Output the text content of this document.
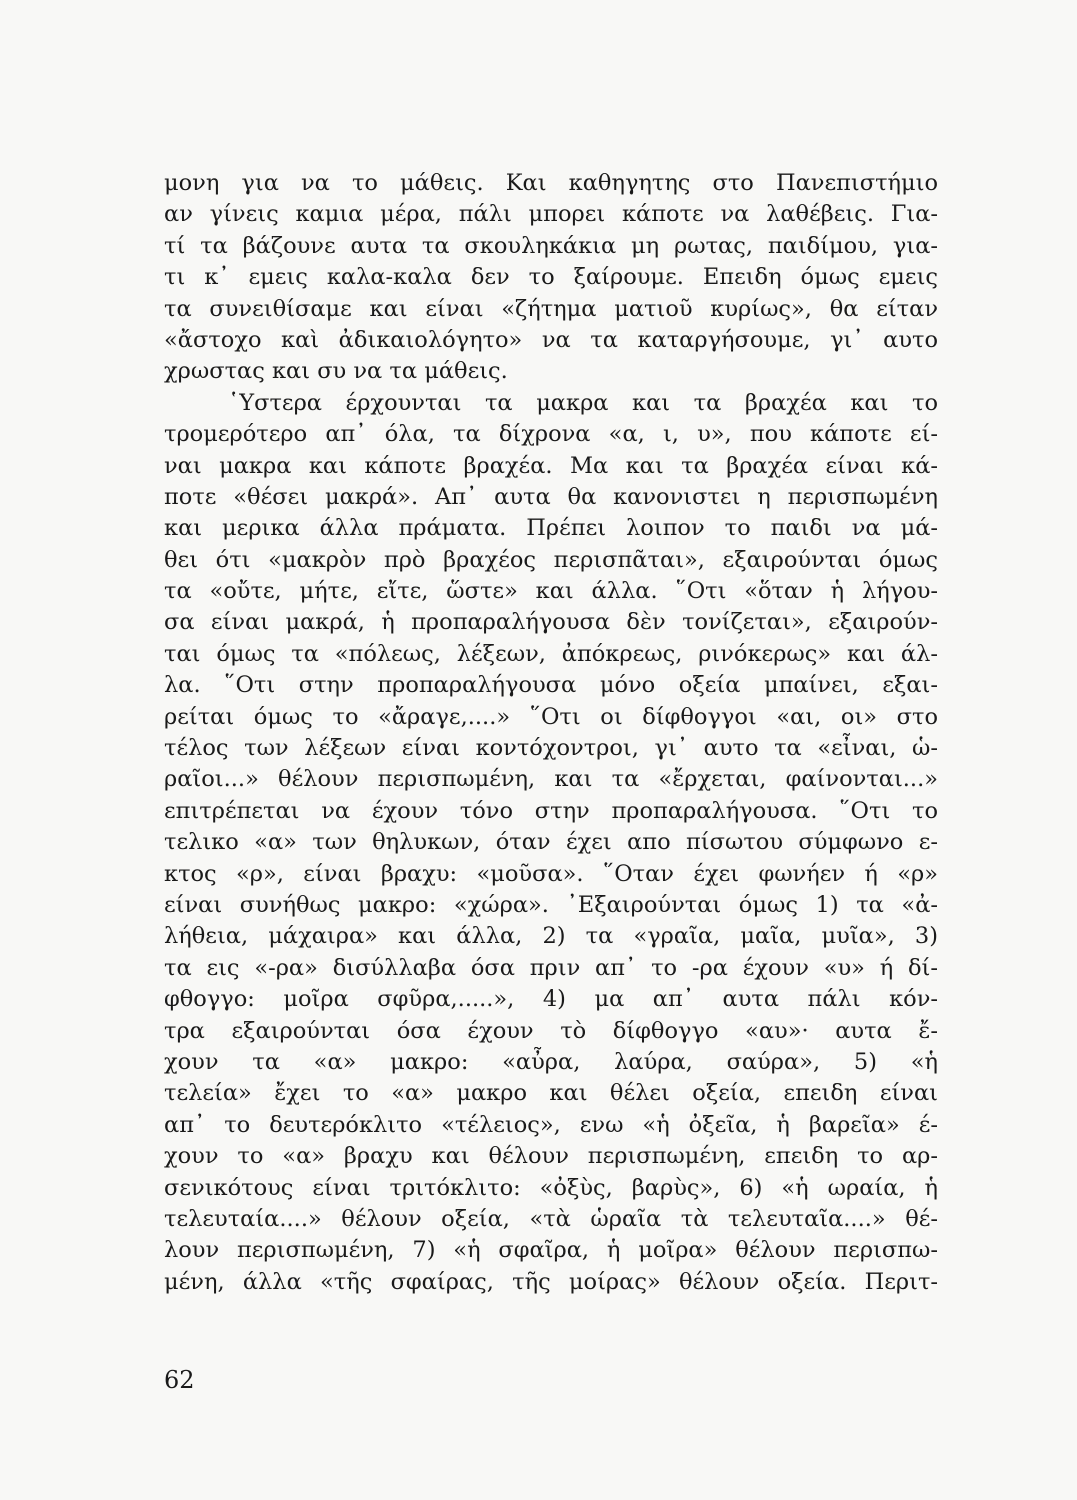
μονη για να το μάθεις. Και καθηγητης στο Πανεπιστήμιο
αν γίνεις καμια μέρα, πάλι μπορει κάποτε να λαθέβεις. Για-
τί τα βάζουνε αυτα τα σκουληκάκια μη ρωτας, παιδίμου, για-
τι κ᾽ εμεις καλα-καλα δεν το ξαίρουμε. Επειδη όμως εμεις
τα συνειθίσαμε και είναι «ζήτημα ματιοῦ κυρίως», θα είταν
«ἄστοχο καὶ ἀδικαιολόγητο» να τα καταργήσουμε, γι᾽ αυτο
χρωστας και συ να τα μάθεις.
῾Υστερα έρχουνται τα μακρα και τα βραχέα και το
τρομερότερο απ᾽ όλα, τα δίχρονα «α, ι, υ», που κάποτε εί-
ναι μακρα και κάποτε βραχέα. Μα και τα βραχέα είναι κά-
ποτε «θέσει μακρά». Απ᾽ αυτα θα κανονιστει η περισπωμένη
και μερικα άλλα πράματα. Πρέπει λοιπον το παιδι να μά-
θει ότι «μακρὸν πρὸ βραχέος περισπᾶται», εξαιρούνται όμως
τα «οὔτε, μήτε, εἴτε, ὥστε» και άλλα. ῞Οτι «ὅταν ἡ λήγου-
σα είναι μακρά, ἡ προπαραλήγουσα δὲν τονίζεται», εξαιρούν-
ται όμως τα «πόλεως, λέξεων, ἀπόκρεως, ρινόκερως» και άλ-
λα. ῞Οτι στην προπαραλήγουσα μόνο οξεία μπαίνει, εξαι-
ρείται όμως το «ἄραγε,....» ῞Οτι οι δίφθογγοι «αι, οι» στο
τέλος των λέξεων είναι κοντόχοντροι, γι᾽ αυτο τα «εἶναι, ὡ-
ραῖοι...» θέλουν περισπωμένη, και τα «ἔρχεται, φαίνονται...»
επιτρέπεται να έχουν τόνο στην προπαραλήγουσα. ῞Οτι το
τελικο «α» των θηλυκων, όταν έχει απο πίσωτου σύμφωνο ε-
κτος «ρ», είναι βραχυ: «μοῦσα». ῞Οταν έχει φωνήεν ή «ρ»
είναι συνήθως μακρο: «χώρα». ᾽Εξαιρούνται όμως 1) τα «ἀ-
λήθεια, μάχαιρα» και άλλα, 2) τα «γραῖα, μαῖα, μυῖα», 3)
τα εις «-ρα» δισύλλαβα όσα πριν απ᾽ το -ρα έχουν «υ» ή δί-
φθογγο: μοῖρα σφῦρα,.....», 4) μα απ᾽ αυτα πάλι κόν-
τρα εξαιρούνται όσα έχουν τὸ δίφθογγο «αυ»· αυτα ἔ-
χουν τα «α» μακρο: «αὖρα, λαύρα, σαύρα», 5) «ἡ
τελεία» ἔχει το «α» μακρο και θέλει οξεία, επειδη είναι
απ᾽ το δευτερόκλιτο «τέλειος», ενω «ἡ ὀξεῖα, ἡ βαρεῖα» έ-
χουν το «α» βραχυ και θέλουν περισπωμένη, επειδη το αρ-
σενικότους είναι τριτόκλιτο: «ὀξὺς, βαρὺς», 6) «ἡ ωραία, ἡ
τελευταία....» θέλουν οξεία, «τὰ ὡραῖα τὰ τελευταῖα....» θέ-
λουν περισπωμένη, 7) «ἡ σφαῖρα, ἡ μοῖρα» θέλουν περισπω-
μένη, άλλα «τῆς σφαίρας, τῆς μοίρας» θέλουν οξεία. Περιτ-
62
